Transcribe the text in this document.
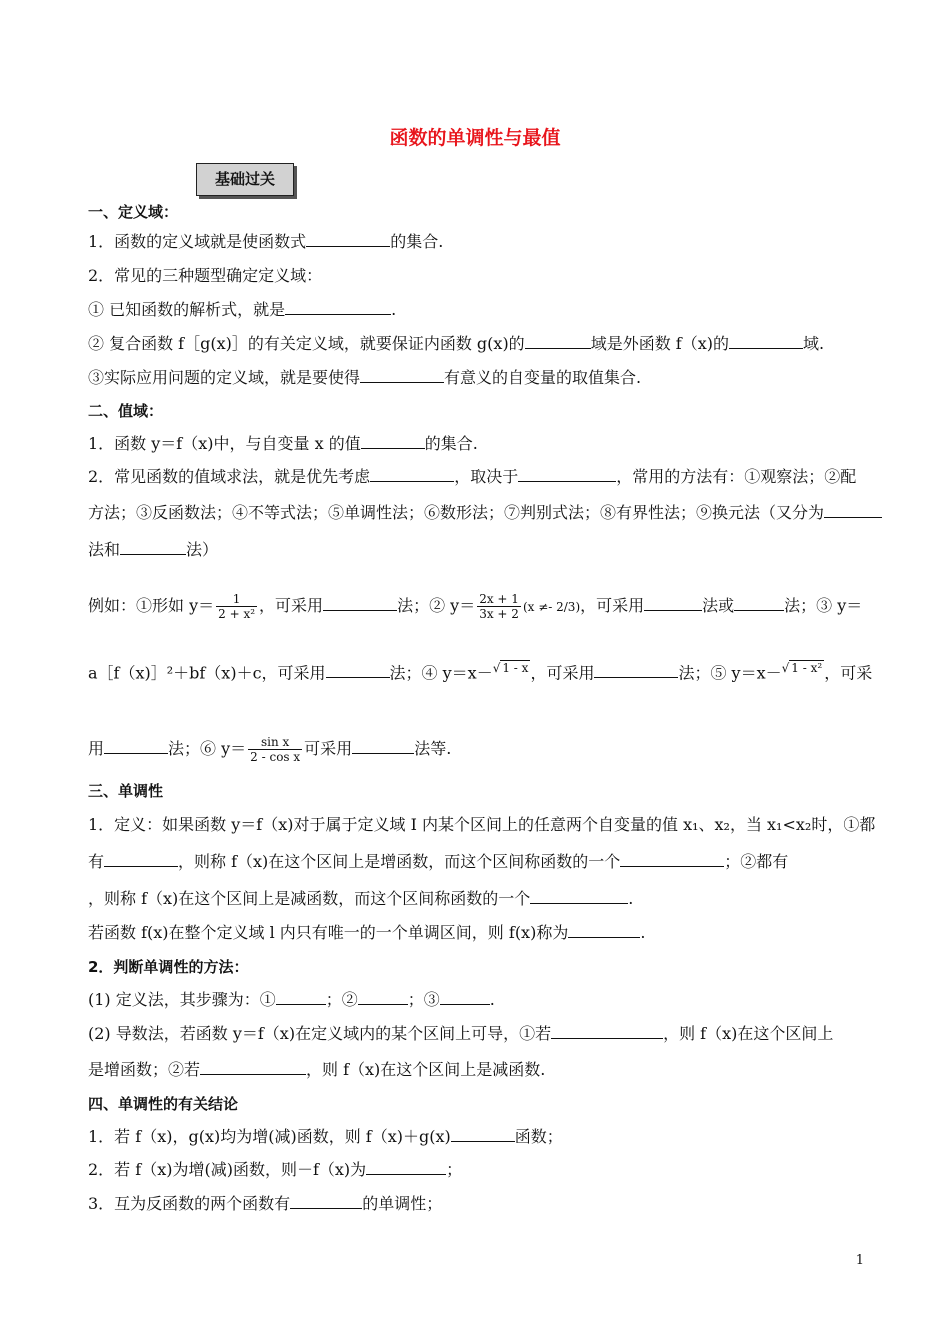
函数的单调性与最值
基础过关
一、定义域：
1．函数的定义域就是使函数式	的集合.
2．常见的三种题型确定定义域：
① 已知函数的解析式，就是	.
② 复合函数 f［g(x)］的有关定义域，就要保证内函数 g(x)的	域是外函数 f（x)的	域.
③实际应用问题的定义域，就是要使得	有意义的自变量的取值集合.
二、值域：
1．函数 y＝f（x)中，与自变量 x 的值	的集合.
2．常见函数的值域求法，就是优先考虑	，取决于	，常用的方法有：①观察法；②配
方法；③反函数法；④不等式法；⑤单调性法；⑥数形法；⑦判别式法；⑧有界性法；⑨换元法（又分为
法和	法）
例如：①形如 $y= \frac{1}{\text{2 + x²}}$ ，可采用	法；② $y= \frac{2x + 1}{3x + 2} (x \ne- 2/3)$，可采用	法或	法；③ y＝
a［f（x)］²＋bf（x)＋c，可采用	法；④ y＝x－√ 1 - x ，可采用	法；⑤ y＝x－√ 1 - x² ，可采
用	法；⑥ $y= \frac{\text{sin x}}{\text{2 - cos x}}$ 可采用	法等.
三、单调性
1．定义：如果函数 y＝f（x)对于属于定义域 I 内某个区间上的任意两个自变量的值 x₁、x₂，当 x₁<x₂时，①都
有	，则称 f（x)在这个区间上是增函数，而这个区间称函数的一个	；②都有
，则称 f（x)在这个区间上是减函数，而这个区间称函数的一个	.
若函数 f(x)在整个定义域 l 内只有唯一的一个单调区间，则 f(x)称为	.
2．判断单调性的方法：
(1) 定义法，其步骤为：①	；②	；③	.
(2) 导数法，若函数 y＝f（x)在定义域内的某个区间上可导，①若	，则 f（x)在这个区间上
是增函数；②若	，则 f（x)在这个区间上是减函数.
四、单调性的有关结论
1．若 f（x)，g(x)均为增(减)函数，则 f（x)＋g(x)	函数；
2．若 f（x)为增(减)函数，则－f（x)为	；
3．互为反函数的两个函数有	的单调性；
1
